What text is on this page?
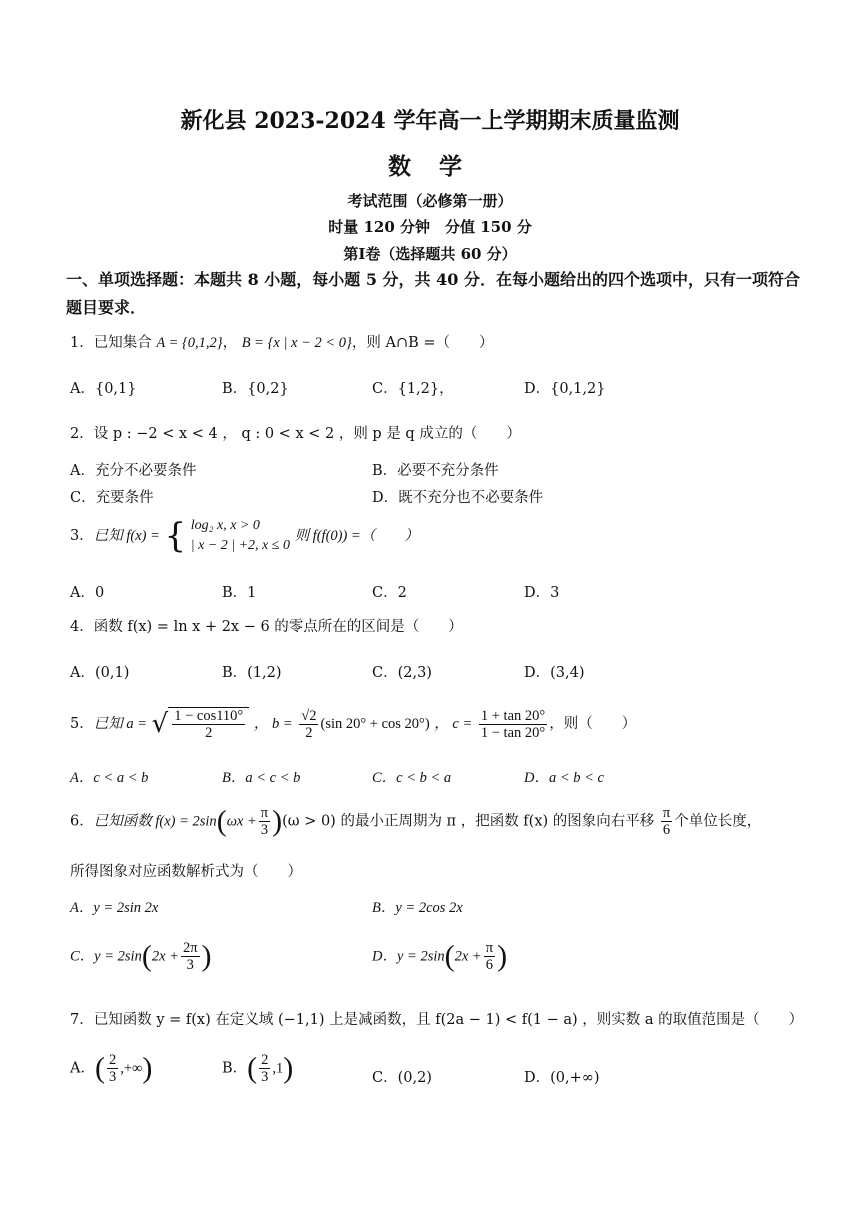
新化县 2023-2024 学年高一上学期期末质量监测
数 学
考试范围（必修第一册）
时量 120 分钟　分值 150 分
第Ⅰ卷（选择题共 60 分）
一、单项选择题：本题共 8 小题，每小题 5 分，共 40 分．在每小题给出的四个选项中，只有一项符合题目要求．
1．已知集合 A = {0,1,2}， B = {x | x − 2 < 0}，则 A∩B =（　　）
A．{0,1}	B．{0,2}	C．{1,2}，	D．{0,1,2}
2．设 p : −2 < x < 4 ， q : 0 < x < 2 ，则 p 是 q 成立的（　　）
A．充分不必要条件	B．必要不充分条件
C．充要条件	D．既不充分也不必要条件
3．已知 f(x) = { log₂ x, x > 0
| x − 2 | +2, x ≤ 0
则 f(f(0)) =（　　）
A．0	B．1	C．2	D．3
4．函数 f(x) = ln x + 2x − 6 的零点所在的区间是（　　）
A．(0,1)	B．(1,2)	C．(2,3)	D．(3,4)
5．已知 a = √ $\frac{1 - \cos 110^\circ}{2}$ ， $b = \frac{√2}{2} (\sin$ 20° + cos 20°) ， $c = \frac{1 + \tan 20^\circ}{1 - \tan 20^\circ}$ ，则（　　）
A．c < a < b	B．a < c < b	C．c < b < a	D．a < b < c
6．已知函数 $f(x) = 2\sin(\omega x + \frac{\pi}{3} )(\omega > 0)$ 的最小正周期为 π ，把函数 f(x) 的图象向右平移 $\frac{\pi}{6}$ 个单位长度，
所得图象对应函数解析式为（　　）
A．y = 2sin 2x	B．y = 2cos 2x
C．$y = 2\sin(2x + \frac{2\pi}{3}$ )	D．$y = 2\sin(2x + \frac{\pi}{6}$ )
7．已知函数 y = f(x) 在定义域 (−1,1) 上是减函数，且 f(2a − 1) < f(1 − a) ，则实数 a 的取值范围是（　　）
A．( $\frac{2}{3}$ ,+∞)	B．( $\frac{2}{3} ,1$)	C．(0,2)	D．(0,+∞)
